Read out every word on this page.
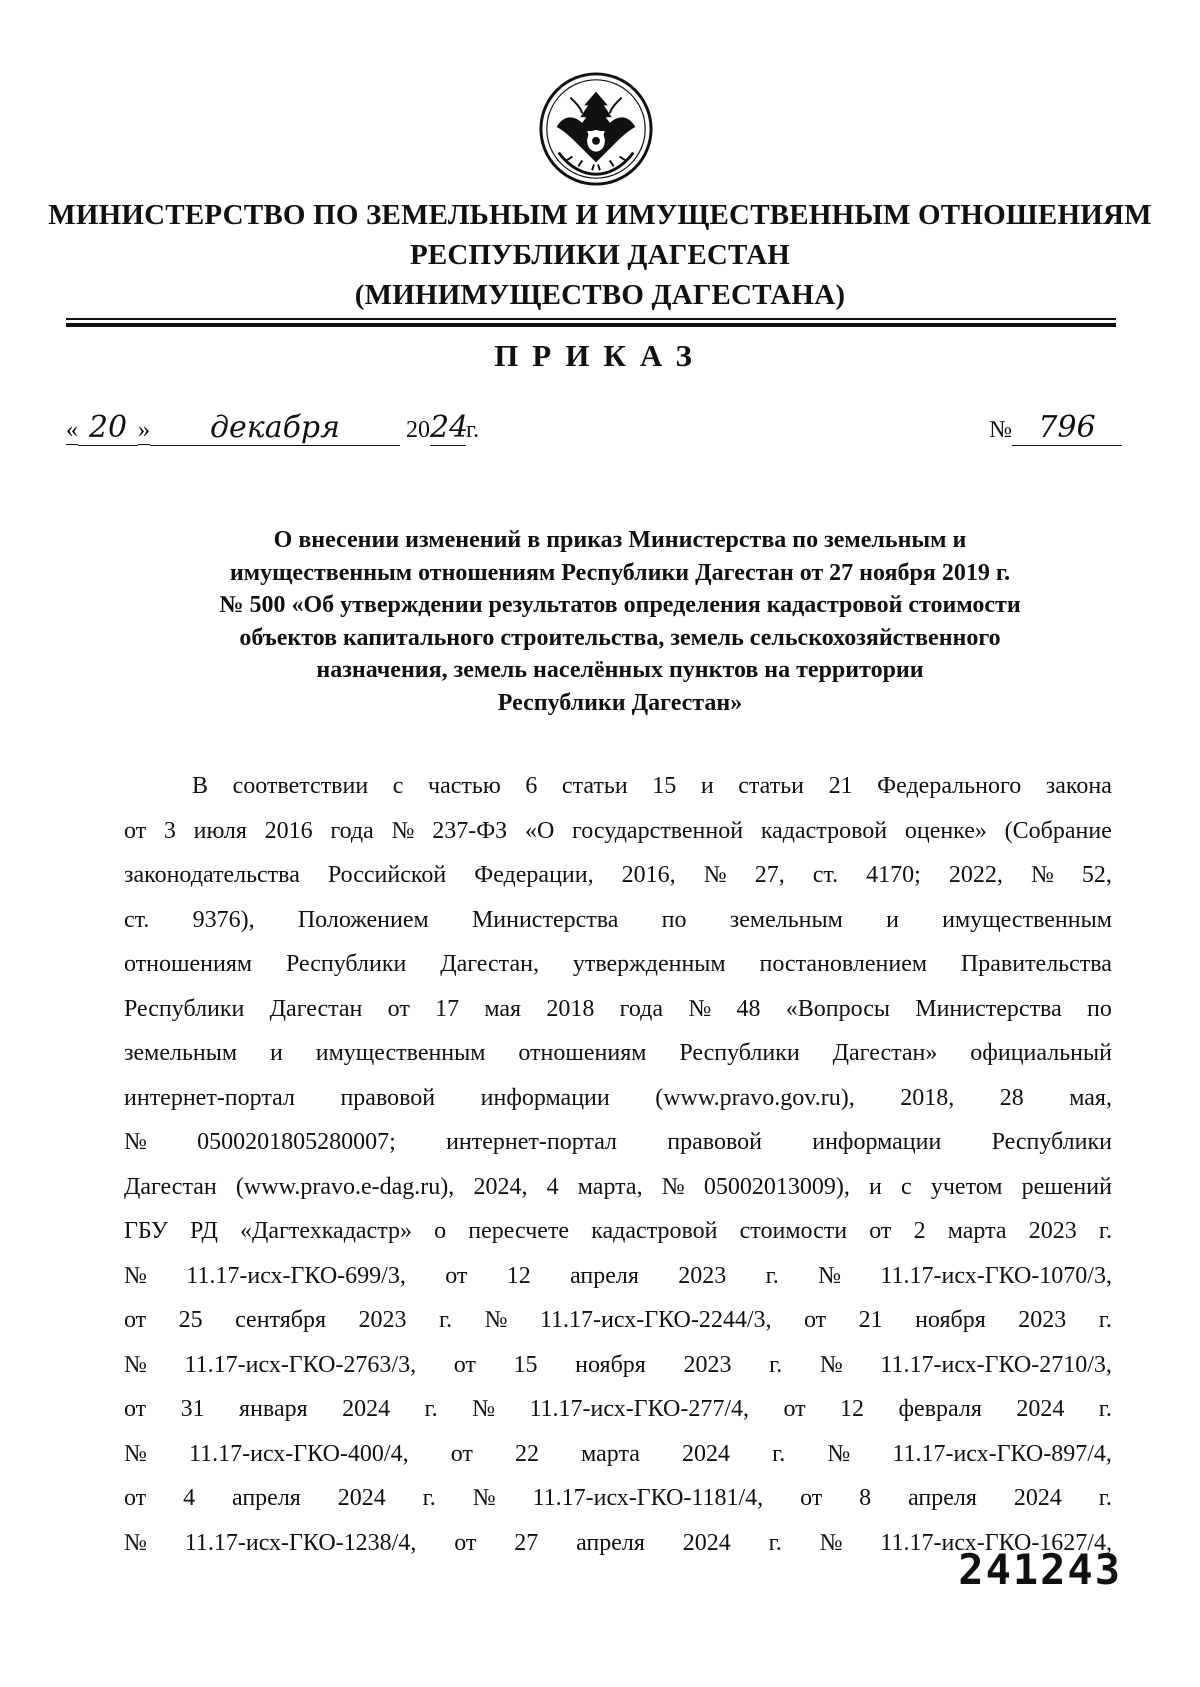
МИНИСТЕРСТВО ПО ЗЕМЕЛЬНЫМ И ИМУЩЕСТВЕННЫМ ОТНОШЕНИЯМ
РЕСПУБЛИКИ ДАГЕСТАН
(МИНИМУЩЕСТВО ДАГЕСТАНА)
ПРИКАЗ
« 20 » декабря	2024г.	№ 796
О внесении изменений в приказ Министерства по земельным и
имущественным отношениям Республики Дагестан от 27 ноября 2019 г.
№ 500 «Об утверждении результатов определения кадастровой стоимости
объектов капитального строительства, земель сельскохозяйственного
назначения, земель населённых пунктов на территории
Республики Дагестан»
В соответствии с частью 6 статьи 15 и статьи 21 Федерального закона
от 3 июля 2016 года № 237-ФЗ «О государственной кадастровой оценке» (Собрание
законодательства Российской Федерации, 2016, № 27, ст. 4170; 2022, № 52,
ст. 9376), Положением Министерства по земельным и имущественным
отношениям Республики Дагестан, утвержденным постановлением Правительства
Республики Дагестан от 17 мая 2018 года № 48 «Вопросы Министерства по
земельным и имущественным отношениям Республики Дагестан» официальный
интернет-портал правовой информации (www.pravo.gov.ru), 2018, 28 мая,
№ 0500201805280007; интернет-портал правовой информации Республики
Дагестан (www.pravo.e-dag.ru), 2024, 4 марта, № 05002013009), и с учетом решений
ГБУ РД «Дагтехкадастр» о пересчете кадастровой стоимости от 2 марта 2023 г.
№ 11.17-исх-ГКО-699/3, от 12 апреля 2023 г. № 11.17-исх-ГКО-1070/3,
от 25 сентября 2023 г. № 11.17-исх-ГКО-2244/3, от 21 ноября 2023 г.
№ 11.17-исх-ГКО-2763/3, от 15 ноября 2023 г. № 11.17-исх-ГКО-2710/3,
от 31 января 2024 г. № 11.17-исх-ГКО-277/4, от 12 февраля 2024 г.
№ 11.17-исх-ГКО-400/4, от 22 марта 2024 г. № 11.17-исх-ГКО-897/4,
от 4 апреля 2024 г. № 11.17-исх-ГКО-1181/4, от 8 апреля 2024 г.
№ 11.17-исх-ГКО-1238/4, от 27 апреля 2024 г. № 11.17-исх-ГКО-1627/4,
241243
